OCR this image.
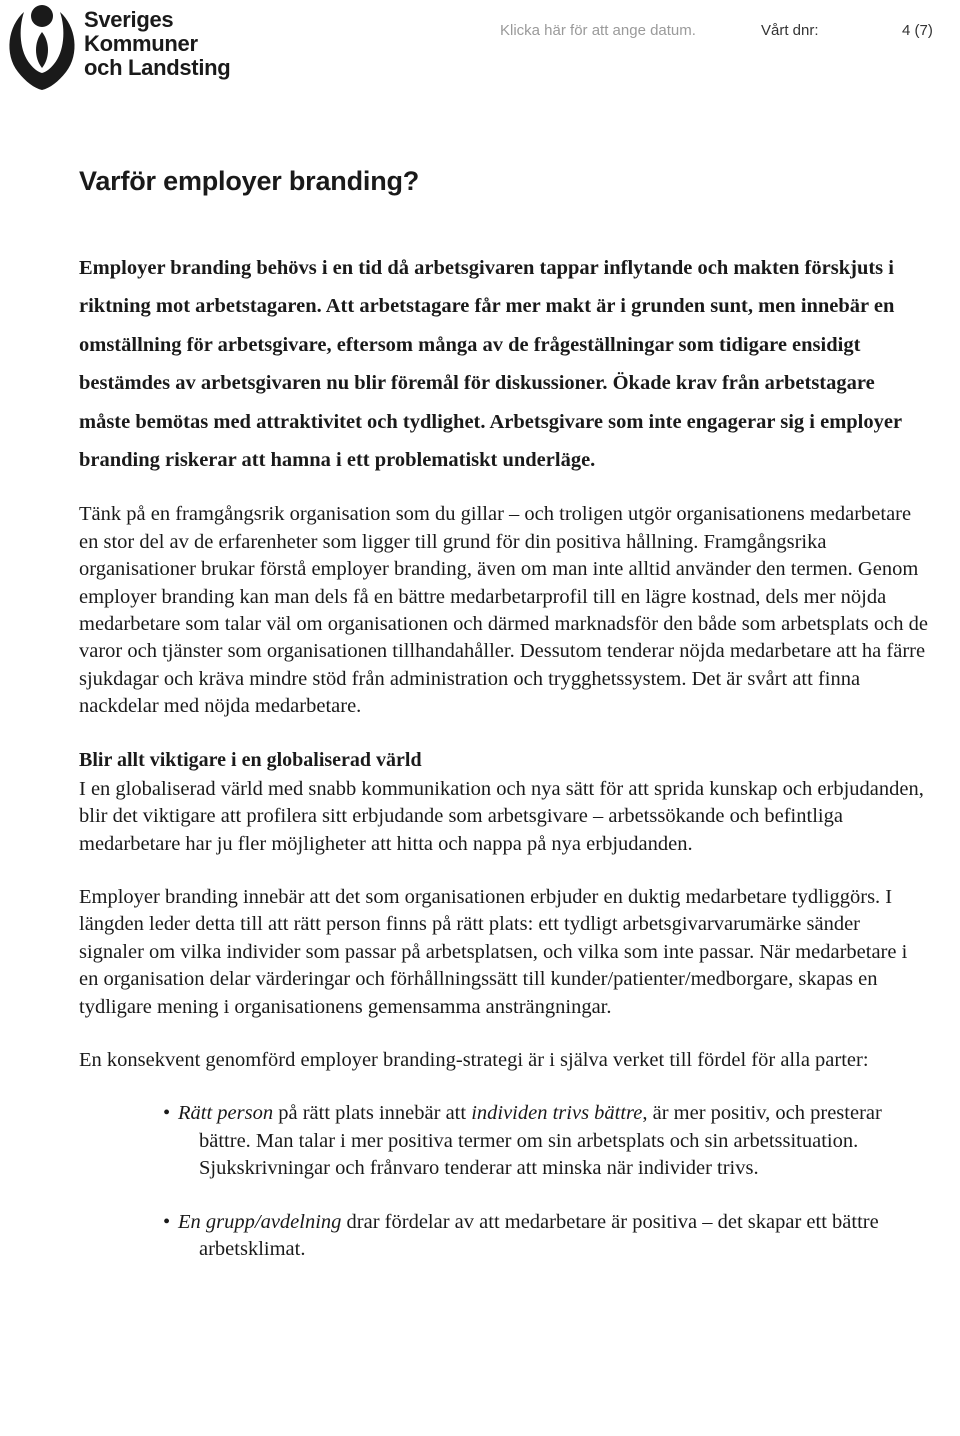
Sveriges
Kommuner
och Landsting
Klicka här för att ange datum.	Vårt dnr:	4 (7)
Varför employer branding?

Employer branding behövs i en tid då arbetsgivaren tappar inflytande och makten förskjuts i riktning mot arbetstagaren. Att arbetstagare får mer makt är i grunden sunt, men innebär en omställning för arbetsgivare, eftersom många av de frågeställningar som tidigare ensidigt bestämdes av arbetsgivaren nu blir föremål för diskussioner. Ökade krav från arbetstagare måste bemötas med attraktivitet och tydlighet. Arbetsgivare som inte engagerar sig i employer branding riskerar att hamna i ett problematiskt underläge.

Tänk på en framgångsrik organisation som du gillar – och troligen utgör organisationens medarbetare en stor del av de erfarenheter som ligger till grund för din positiva hållning. Framgångsrika organisationer brukar förstå employer branding, även om man inte alltid använder den termen. Genom employer branding kan man dels få en bättre medarbetarprofil till en lägre kostnad, dels mer nöjda medarbetare som talar väl om organisationen och därmed marknadsför den både som arbetsplats och de varor och tjänster som organisationen tillhandahåller. Dessutom tenderar nöjda medarbetare att ha färre sjukdagar och kräva mindre stöd från administration och trygghetssystem. Det är svårt att finna nackdelar med nöjda medarbetare.

Blir allt viktigare i en globaliserad värld

I en globaliserad värld med snabb kommunikation och nya sätt för att sprida kunskap och erbjudanden, blir det viktigare att profilera sitt erbjudande som arbetsgivare – arbetssökande och befintliga medarbetare har ju fler möjligheter att hitta och nappa på nya erbjudanden.

Employer branding innebär att det som organisationen erbjuder en duktig medarbetare tydliggörs. I längden leder detta till att rätt person finns på rätt plats: ett tydligt arbetsgivarvarumärke sänder signaler om vilka individer som passar på arbetsplatsen, och vilka som inte passar. När medarbetare i en organisation delar värderingar och förhållningssätt till kunder/patienter/medborgare, skapas en tydligare mening i organisationens gemensamma ansträngningar.

En konsekvent genomförd employer branding-strategi är i själva verket till fördel för alla parter:

• Rätt person på rätt plats innebär att individen trivs bättre, är mer positiv, och presterar bättre. Man talar i mer positiva termer om sin arbetsplats och sin arbetssituation. Sjukskrivningar och frånvaro tenderar att minska när individer trivs.
• En grupp/avdelning drar fördelar av att medarbetare är positiva – det skapar ett bättre arbetsklimat.
